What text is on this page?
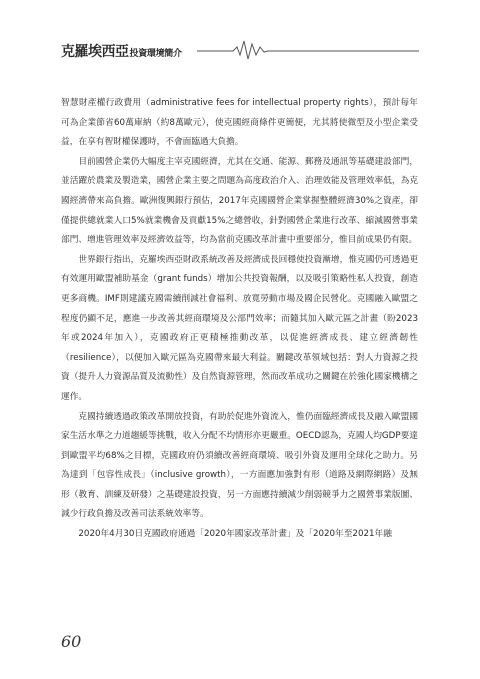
克羅埃西亞投資環境簡介

智慧財產權行政費用（administrative fees for intellectual property rights），預計每年可為企業節省60萬庫納（約8萬歐元），使克國經商條件更簡便，尤其將使微型及小型企業受益，在享有智財權保護時，不會面臨過大負擔。

目前國營企業仍大幅度主宰克國經濟，尤其在交通、能源、郵務及通訊等基礎建設部門，並活躍於農業及製造業，國營企業主要之問題為高度政治介入、治理效能及管理效率低，為克國經濟帶來高負擔。歐洲復興銀行預估，2017年克國國營企業掌握整體經濟30%之資產，卻僅提供總就業人口5%就業機會及貢獻15%之總營收，針對國營企業進行改革、縮減國營事業部門、增進管理效率及經濟效益等，均為當前克國改革計畫中重要部分，惟目前成果仍有限。

世界銀行指出，克羅埃西亞財政系統改善及經濟成長回穩使投資漸增，惟克國仍可透過更有效運用歐盟補助基金（grant funds）增加公共投資報酬，以及吸引策略性私人投資，創造更多商機。IMF則建議克國需續削減社會福利、放寬勞動市場及國企民營化。克國融入歐盟之程度仍顯不足，應進一步改善其經商環境及公部門效率；而隨其加入歐元區之計畫（盼2023年或2024年加入），克國政府正更積極推動改革，以促進經濟成長、建立經濟韌性（resilience），以便加入歐元區為克國帶來最大利益。關鍵改革領域包括：對人力資源之投資（提升人力資源品質及流動性）及自然資源管理，然而改革成功之關鍵在於強化國家機構之運作。

克國持續透過政策改革開放投資，有助於促進外資流入，惟仍面臨經濟成長及融入歐盟國家生活水準之力道趨緩等挑戰，收入分配不均情形亦更嚴重。OECD認為，克國人均GDP要達到歐盟平均68%之目標，克國政府仍須續改善經商環境、吸引外資及運用全球化之助力。另為達到「包容性成長」（inclusive growth），一方面應加強對有形（道路及網際網路）及無形（教育、訓練及研發）之基礎建設投資，另一方面應持續減少削弱競爭力之國營事業版圖、減少行政負擔及改善司法系統效率等。

2020年4月30日克國政府通過「2020年國家改革計畫」及「2020年至2021年融

60
